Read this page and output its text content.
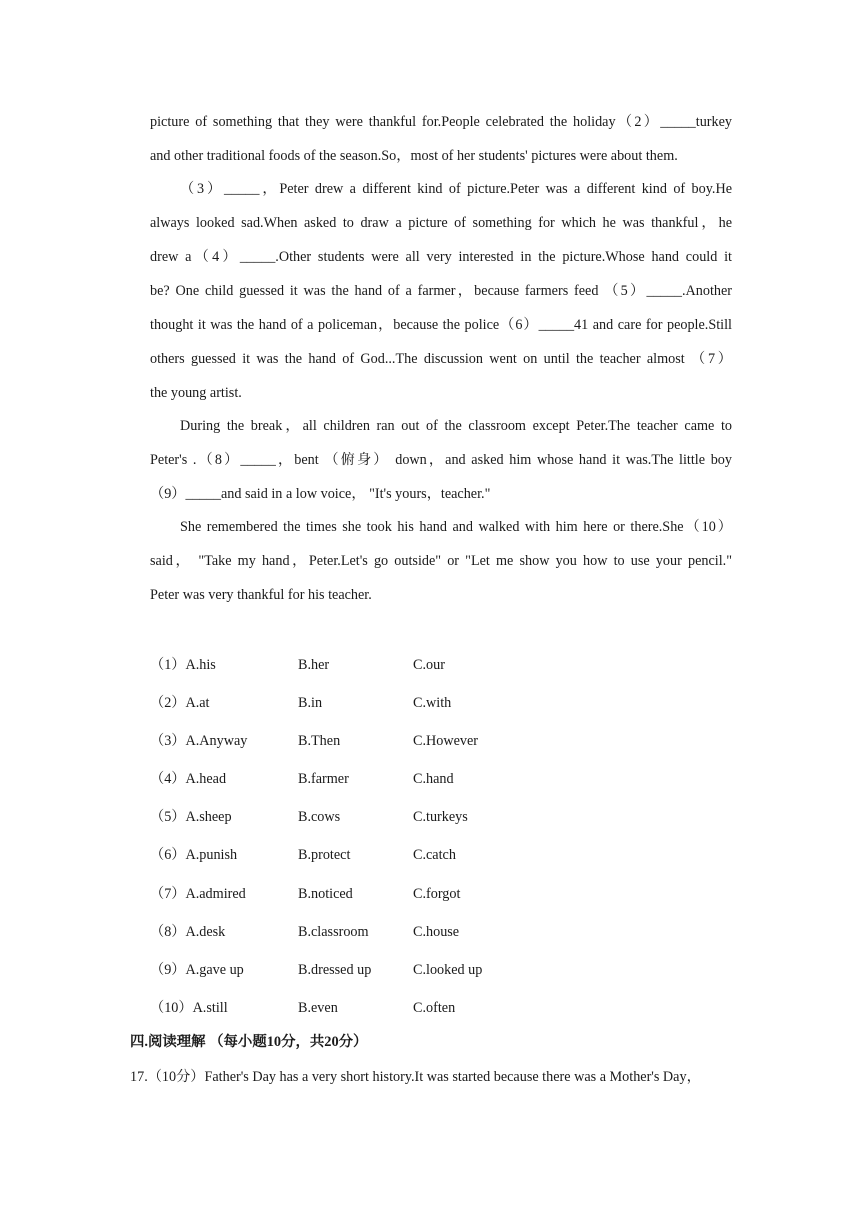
picture of something that they were thankful for.People celebrated the holiday（2）_____turkey
and other traditional foods of the season.So，most of her students' pictures were about them.
（3）_____，Peter drew a different kind of picture.Peter was a different kind of boy.He
always looked sad.When asked to draw a picture of something for which he was thankful，he
drew a（4）_____.Other students were all very interested in the picture.Whose hand could it
be? One child guessed it was the hand of a farmer，because farmers feed （5）_____.Another
thought it was the hand of a policeman，because the police（6）_____41 and care for people.Still
others guessed it was the hand of God...The discussion went on until the teacher almost （7）
the young artist.
During the break，all children ran out of the classroom except Peter.The teacher came to
Peter's .（8）_____，bent （俯身） down，and asked him whose hand it was.The little boy
（9）_____and said in a low voice， "It's yours，teacher."
She remembered the times she took his hand and walked with him here or there.She（10）
said， "Take my hand，Peter.Let's go outside" or "Let me show you how to use your pencil."
Peter was very thankful for his teacher.
（1）A.his	B.her	C.our
（2）A.at	B.in	C.with
（3）A.Anyway	B.Then	C.However
（4）A.head	B.farmer	C.hand
（5）A.sheep	B.cows	C.turkeys
（6）A.punish	B.protect	C.catch
（7）A.admired	B.noticed	C.forgot
（8）A.desk	B.classroom	C.house
（9）A.gave up	B.dressed up	C.looked up
（10）A.still	B.even	C.often
四.阅读理解 （每小题10分，共20分）
17.（10分）Father's Day has a very short history.It was started because there was a Mother's Day，
